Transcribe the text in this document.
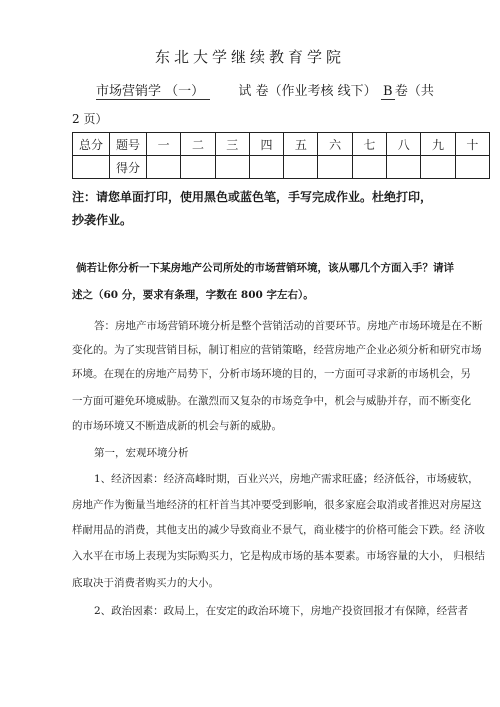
东北大学继续教育学院
市场营销学 （一）	试 卷（作业考核 线下） B 卷（共
2 页）
总分	题号	一	二	三	四	五	六	七	八	九	十
	得分										
注：请您单面打印，使用黑色或蓝色笔，手写完成作业。杜绝打印，
抄袭作业。
倘若让你分析一下某房地产公司所处的市场营销环境，该从哪几个方面入手？请详
述之（60 分，要求有条理，字数在 800 字左右）。
答：房地产市场营销环境分析是整个营销活动的首要环节。房地产市场环境是在不断
变化的。为了实现营销目标，制订相应的营销策略，经营房地产企业必须分析和研究市场
环境。在现在的房地产局势下，分析市场环境的目的，一方面可寻求新的市场机会，另
一方面可避免环境威胁。在激烈而又复杂的市场竞争中，机会与威胁并存，而不断变化
的市场环境又不断造成新的机会与新的威胁。
第一，宏观环境分析
1、经济因素：经济高峰时期，百业兴兴，房地产需求旺盛；经济低谷，市场疲软，
房地产作为衡量当地经济的杠杆首当其冲要受到影响，很多家庭会取消或者推迟对房屋这
样耐用品的消费，其他支出的减少导致商业不景气，商业楼宇的价格可能会下跌。经 济收
入水平在市场上表现为实际购买力，它是构成市场的基本要素。市场容量的大小， 归根结
底取决于消费者购买力的大小。
2、政治因素：政局上，在安定的政治环境下，房地产投资回报才有保障，经营者
